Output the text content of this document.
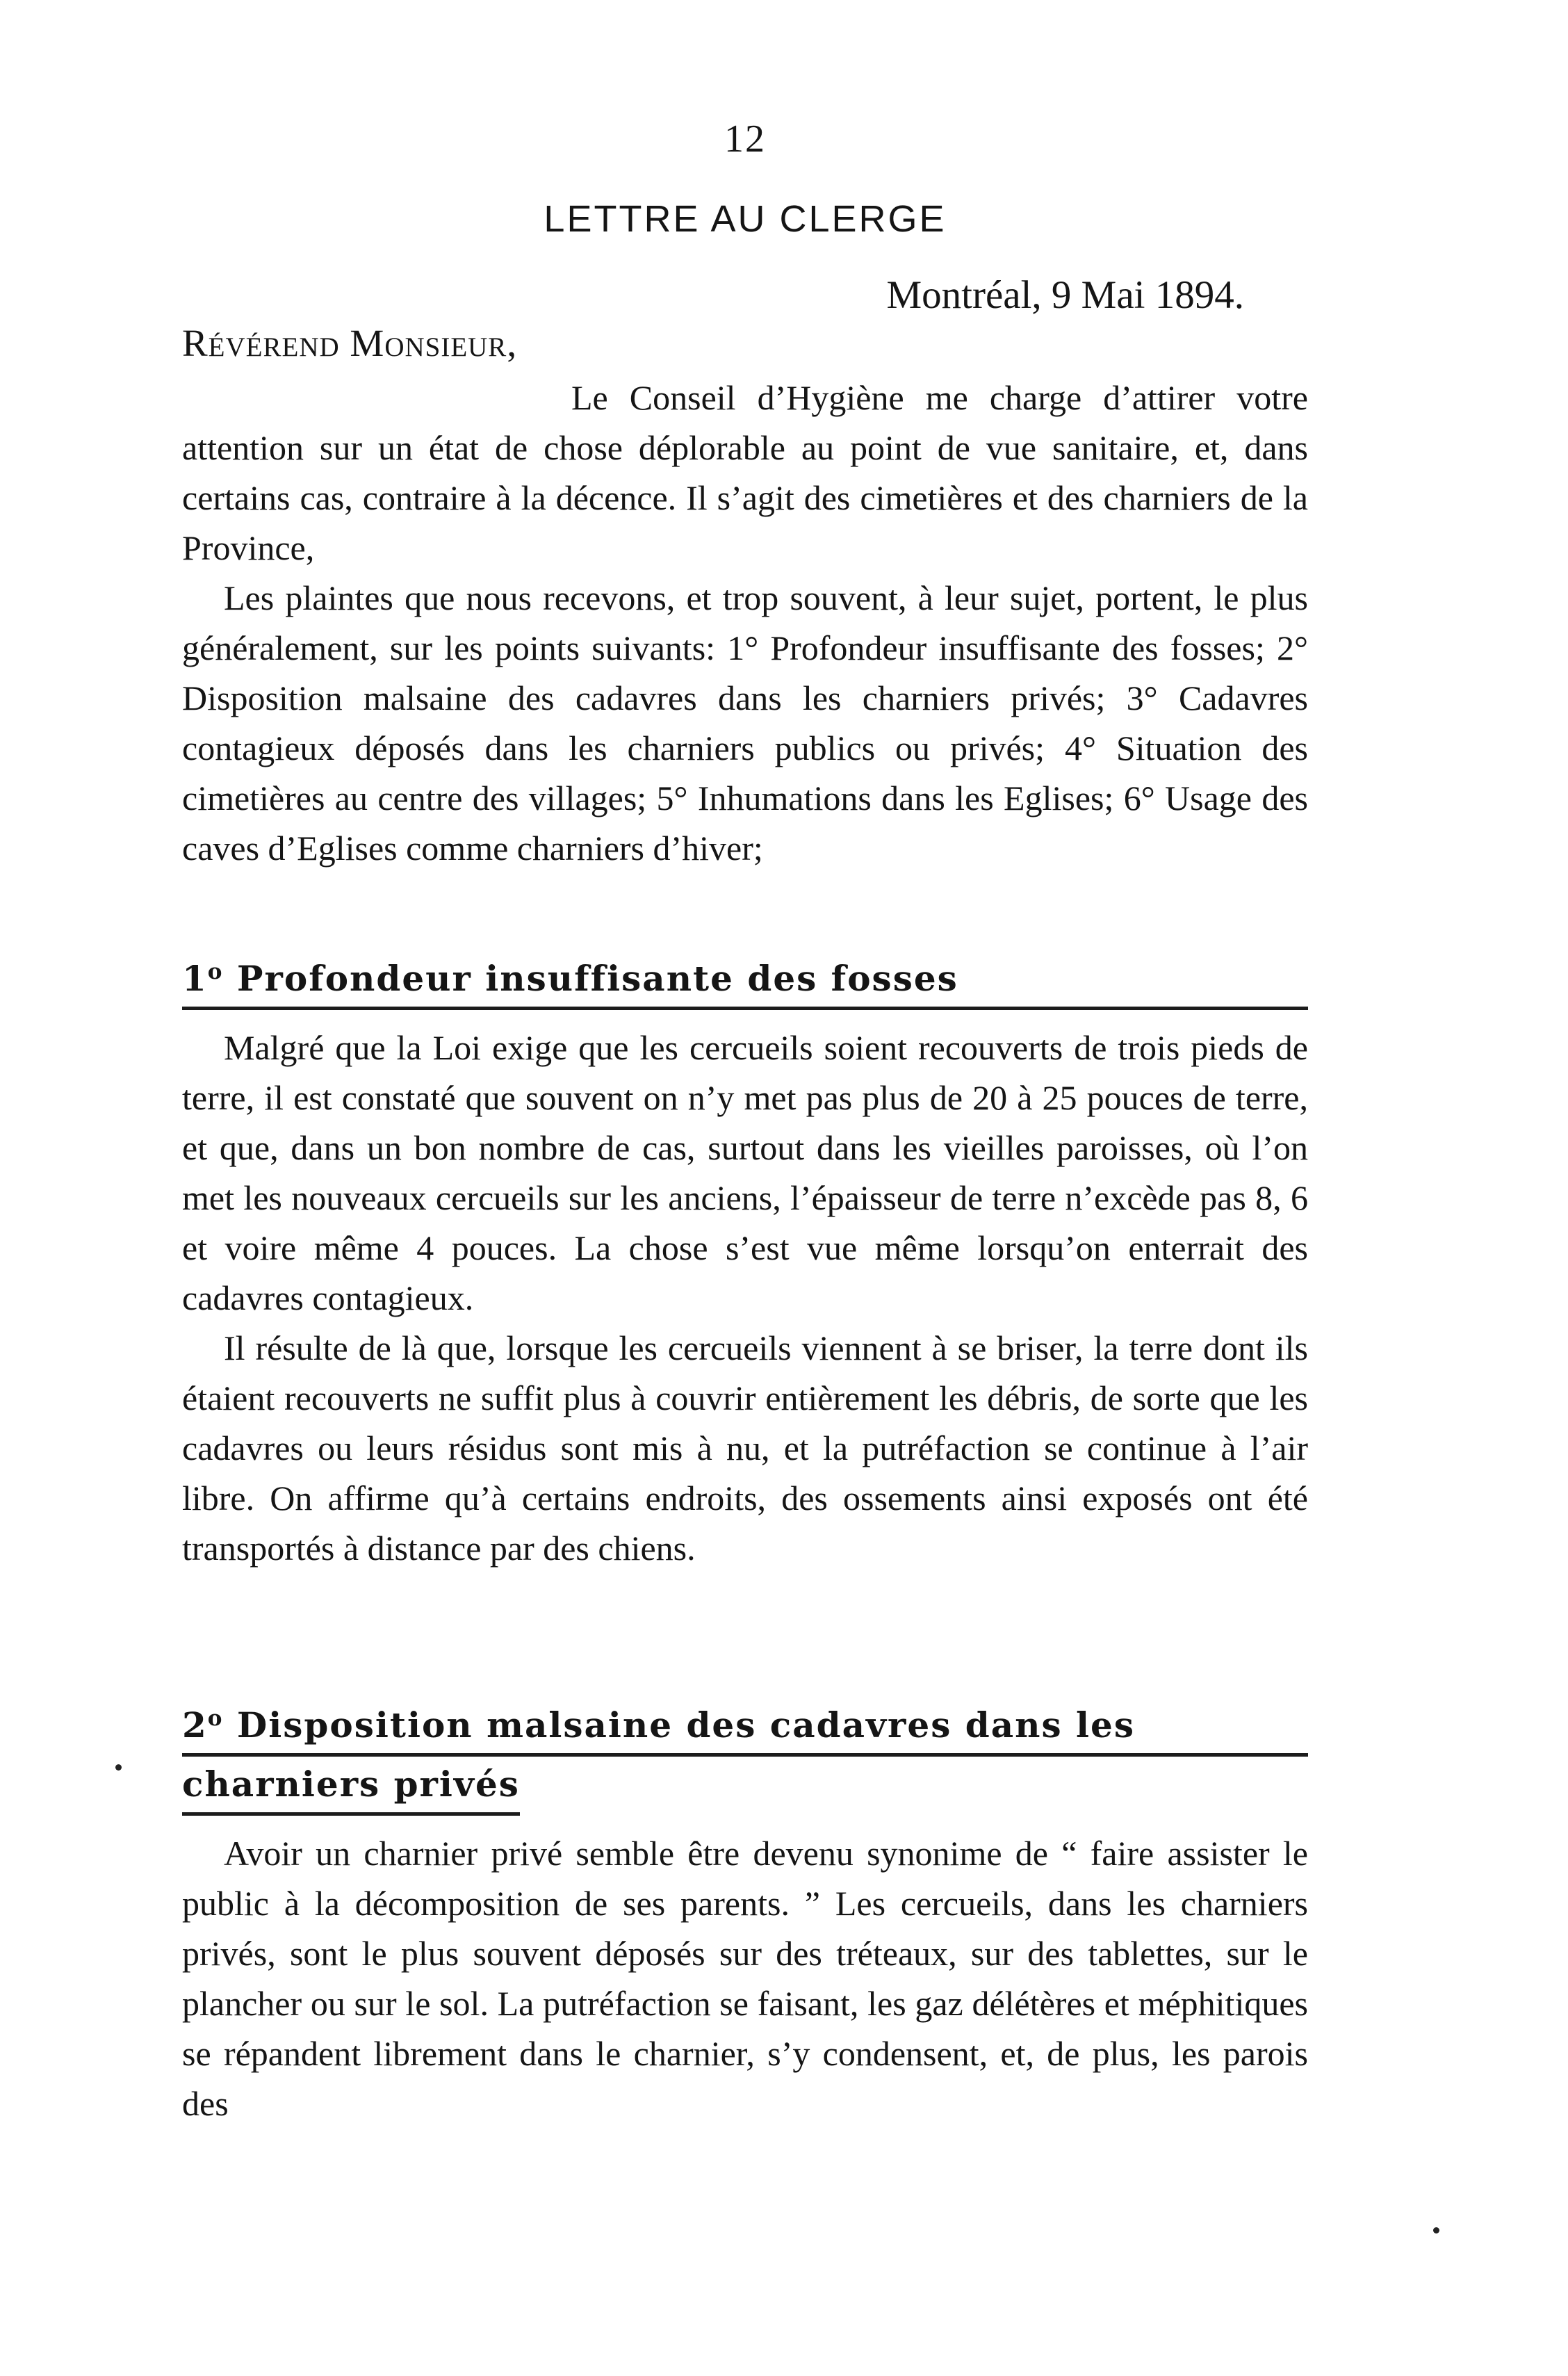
12
LETTRE AU CLERGE
Montréal, 9 Mai 1894.
Révérend Monsieur,

Le Conseil d’Hygiène me charge d’attirer votre attention sur un état de chose déplorable au point de vue sanitaire, et, dans certains cas, contraire à la décence. Il s’agit des cimetières et des charniers de la Province,

Les plaintes que nous recevons, et trop souvent, à leur sujet, portent, le plus généralement, sur les points suivants: 1° Profondeur insuffisante des fosses; 2° Disposition malsaine des cadavres dans les charniers privés; 3° Cadavres contagieux déposés dans les charniers publics ou privés; 4° Situation des cimetières au centre des villages; 5° Inhumations dans les Eglises; 6° Usage des caves d’Eglises comme charniers d’hiver;

1$^o$ Profondeur insuffisante des fosses

Malgré que la Loi exige que les cercueils soient recouverts de trois pieds de terre, il est constaté que souvent on n’y met pas plus de 20 à 25 pouces de terre, et que, dans un bon nombre de cas, surtout dans les vieilles paroisses, où l’on met les nouveaux cercueils sur les anciens, l’épaisseur de terre n’excède pas 8, 6 et voire même 4 pouces. La chose s’est vue même lorsqu’on enterrait des cadavres contagieux.

Il résulte de là que, lorsque les cercueils viennent à se briser, la terre dont ils étaient recouverts ne suffit plus à couvrir entièrement les débris, de sorte que les cadavres ou leurs résidus sont mis à nu, et la putréfaction se continue à l’air libre. On affirme qu’à certains endroits, des ossements ainsi exposés ont été transportés à distance par des chiens.

2$^o$ Disposition malsaine des cadavres dans les
charniers privés

Avoir un charnier privé semble être devenu synonime de “ faire assister le public à la décomposition de ses parents. ” Les cercueils, dans les charniers privés, sont le plus souvent déposés sur des tréteaux, sur des tablettes, sur le plancher ou sur le sol. La putréfaction se faisant, les gaz délétères et méphitiques se répandent librement dans le charnier, s’y condensent, et, de plus, les parois des
